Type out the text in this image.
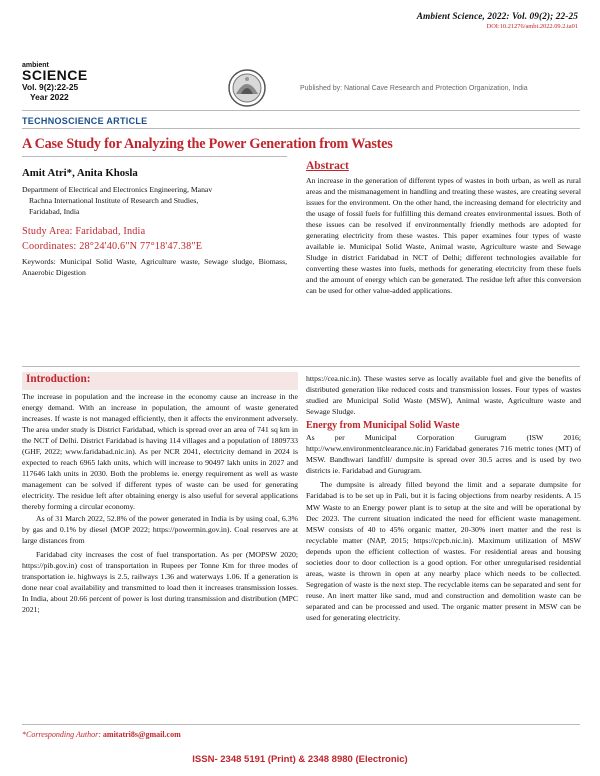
Ambient Science, 2022: Vol. 09(2); 22-25
DOI:10.21276/ambi.2022.09.2.ta01
ambient
SCIENCE
Vol. 9(2):22-25
Year 2022
Published by: National Cave Research and Protection Organization, India
TECHNOSCIENCE ARTICLE
A Case Study for Analyzing the Power Generation from Wastes
Amit Atri*, Anita Khosla
Department of Electrical and Electronics Engineering, Manav
Rachna International Institute of Research and Studies,
Faridabad, India
Study Area: Faridabad, India
Coordinates: 28°24'40.6"N 77°18'47.38"E
Keywords: Municipal Solid Waste, Agriculture waste, Sewage sludge, Biomass, Anaerobic Digestion
Abstract

An increase in the generation of different types of wastes in both urban, as well as rural areas and the mismanagement in handling and treating these wastes, are creating several issues for the environment. On the other hand, the increasing demand for electricity and the usage of fossil fuels for fulfilling this demand creates environmental issues. Both of these issues can be resolved if environmentally friendly methods are adopted for generating electricity from these wastes. This paper examines four types of waste available ie. Municipal Solid Waste, Animal waste, Agriculture waste and Sewage Sludge in district Faridabad in NCT of Delhi; different technologies available for converting these wastes into fuels, methods for generating electricity from these fuels and the amount of energy which can be generated. The residue left after this conversion can be used for other value-added applications.

Introduction:

The increase in population and the increase in the economy cause an increase in the energy demand. With an increase in population, the amount of waste generated increases. If waste is not managed efficiently, then it affects the environment adversely. The area under study is District Faridabad, which is spread over an area of 741 sq km in the NCT of Delhi. District Faridabad is having 114 villages and a population of 1809733 (GHF, 2022; www.faridabad.nic.in). As per NCR 2041, electricity demand in 2024 is expected to reach 6965 lakh units, which will increase to 90497 lakh units in 2027 and 117646 lakh units in 2030. Both the problems ie. energy requirement as well as waste management can be solved if different types of waste can be used for generating electricity. The residue left after obtaining energy is also useful for several applications thereby forming a circular economy.

As of 31 March 2022, 52.8% of the power generated in India is by using coal, 6.3% by gas and 0.1% by diesel (MOP 2022; https://powermin.gov.in). Coal reserves are at large distances from

Faridabad city increases the cost of fuel transportation. As per (MOPSW 2020; https://pib.gov.in) cost of transportation in Rupees per Tonne Km for three modes of transportation ie. highways is 2.5, railways 1.36 and waterways 1.06. If a generation is done near coal availability and transmitted to load then it increases transmission losses. In India, about 20.66 percent of power is lost during transmission and distribution (MPC 2021;

https://cea.nic.in). These wastes serve as locally available fuel and give the benefits of distributed generation like reduced costs and transmission losses. Four types of wastes studied are Municipal Solid Waste (MSW), Animal waste, Agriculture waste and Sewage Sludge.

Energy from Municipal Solid Waste

As per Municipal Corporation Gurugram (ISW 2016; http://www.environmentclearance.nic.in) Faridabad generates 716 metric tones (MT) of MSW. Bandhwari landfill/ dumpsite is spread over 30.5 acres and is used by two districts ie. Faridabad and Gurugram.

The dumpsite is already filled beyond the limit and a separate dumpsite for Faridabad is to be set up in Pali, but it is facing objections from nearby residents. A 15 MW Waste to an Energy power plant is to setup at the site and will be operational by Dec 2023. The current situation indicated the need for efficient waste management. MSW consists of 40 to 45% organic matter, 20-30% inert matter and the rest is recyclable matter (NAP, 2015; https://cpcb.nic.in). Maximum utilization of MSW depends upon the efficient collection of wastes. For residential areas and housing societies door to door collection is a good option. For other unregularised residential areas, waste is thrown in open at any nearby place which needs to be collected. Segregation of waste is the next step. The recyclable items can be separated and sent for reuse. An inert matter like sand, mud and construction and demolition waste can be separated and can be processed and used. The organic matter present in MSW can be used for generating electricity.

*Corresponding Author: amitatri8s@gmail.com
ISSN- 2348 5191 (Print) & 2348 8980 (Electronic)
